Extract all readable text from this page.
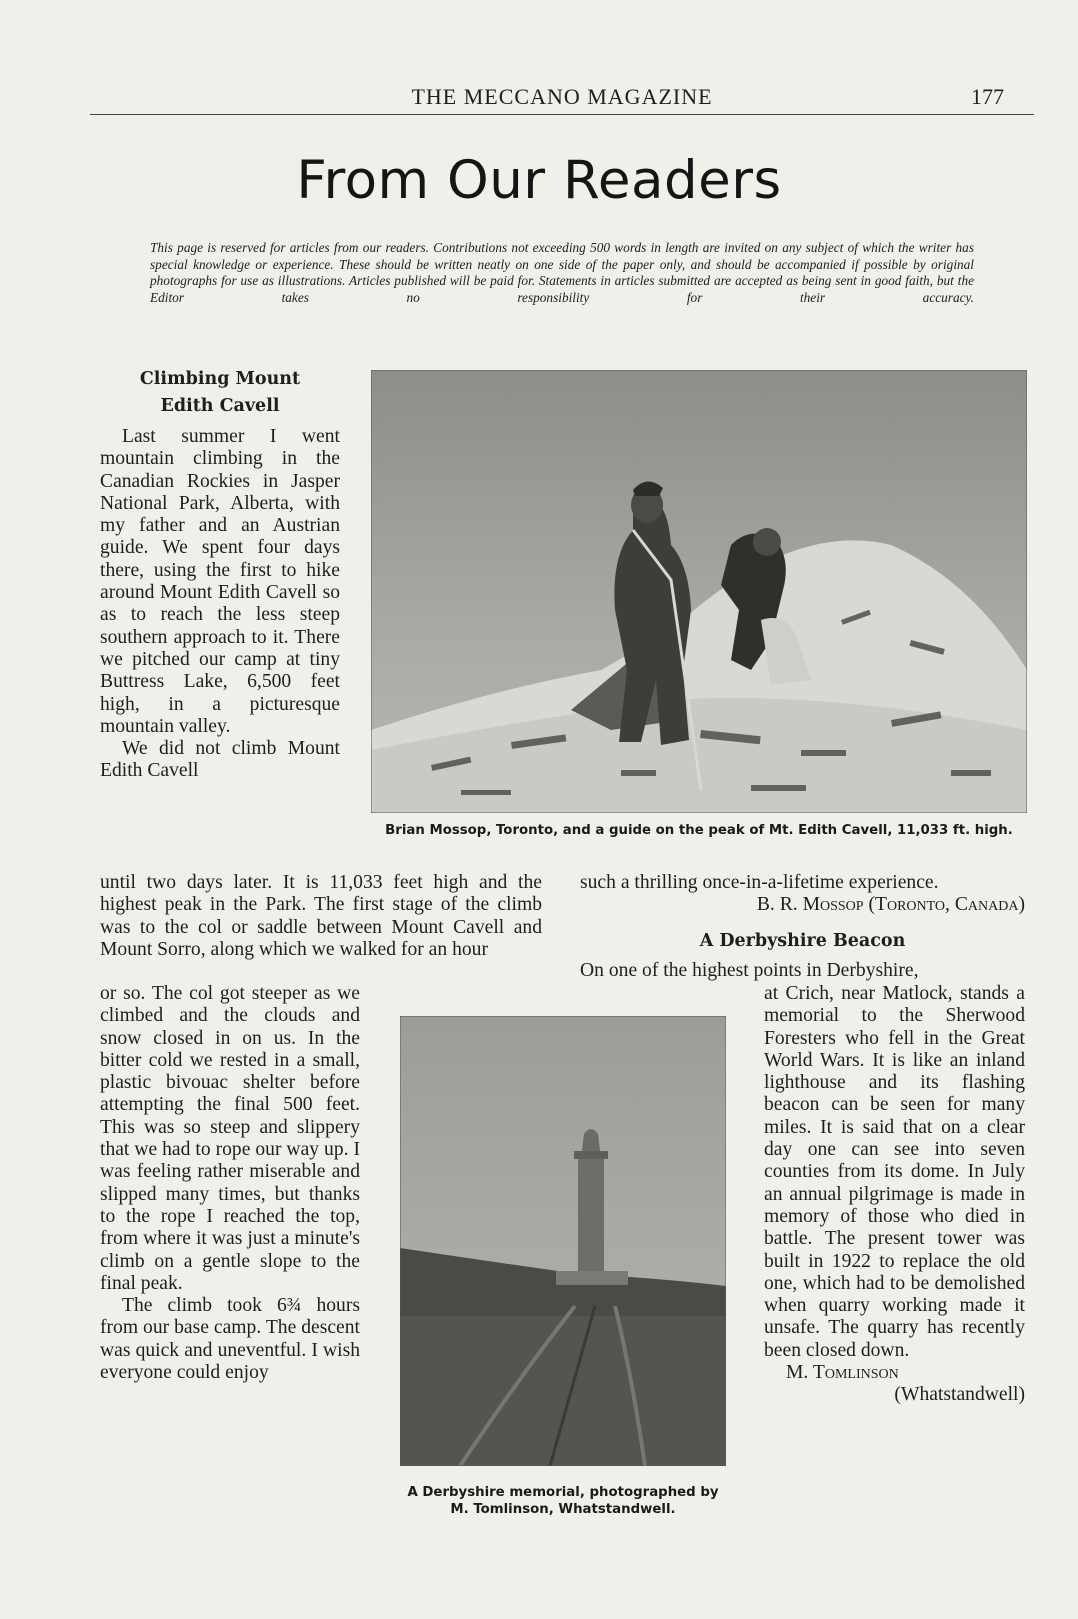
THE MECCANO MAGAZINE	177
From Our Readers

This page is reserved for articles from our readers. Contributions not exceeding 500 words in length are invited on any subject of which the writer has special knowledge or experience. These should be written neatly on one side of the paper only, and should be accompanied if possible by original photographs for use as illustrations. Articles published will be paid for. Statements in articles submitted are accepted as being sent in good faith, but the Editor takes no responsibility for their accuracy.

Climbing Mount
Edith Cavell

Last summer I went mountain climbing in the Canadian Rockies in Jasper National Park, Alberta, with my father and an Austrian guide. We spent four days there, using the first to hike around Mount Edith Cavell so as to reach the less steep southern approach to it. There we pitched our camp at tiny Buttress Lake, 6,500 feet high, in a picturesque mountain valley.

We did not climb Mount Edith Cavell

Brian Mossop, Toronto, and a guide on the peak of Mt. Edith Cavell, 11,033 ft. high.

until two days later. It is 11,033 feet high and the highest peak in the Park. The first stage of the climb was to the col or saddle between Mount Cavell and Mount Sorro, along which we walked for an hour

or so. The col got steeper as we climbed and the clouds and snow closed in on us. In the bitter cold we rested in a small, plastic bivouac shelter before attempting the final 500 feet. This was so steep and slippery that we had to rope our way up. I was feeling rather miserable and slipped many times, but thanks to the rope I reached the top, from where it was just a minute's climb on a gentle slope to the final peak.

The climb took 6¾ hours from our base camp. The descent was quick and uneventful. I wish everyone could enjoy

A Derbyshire memorial, photographed by
M. Tomlinson, Whatstandwell.

such a thrilling once-in-a-lifetime experience.

B. R. Mossop (Toronto, Canada)

A Derbyshire Beacon

On one of the highest points in Derbyshire,

at Crich, near Matlock, stands a memorial to the Sherwood Foresters who fell in the Great World Wars. It is like an inland lighthouse and its flashing beacon can be seen for many miles. It is said that on a clear day one can see into seven counties from its dome. In July an annual pilgrimage is made in memory of those who died in battle. The present tower was built in 1922 to replace the old one, which had to be demolished when quarry working made it unsafe. The quarry has recently been closed down.

M. Tomlinson

(Whatstandwell)
